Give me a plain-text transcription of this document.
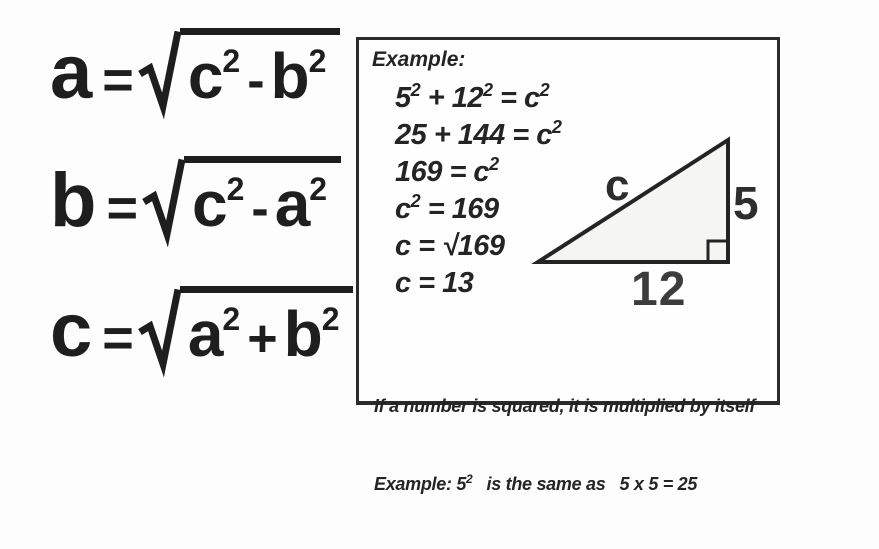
$a = c^2 - b^2$
$b = c^2 - a^2$
$c = a^2 + b^2$
Example:
$5^2 + 12^2 = c^2$
$25 + 144 = c^2$
$169 = c^2$
$c^2 = 169$
c = √169
c = 13
c 5
12

If a number is squared, it is multiplied by itself

Example: $5^2$   is the same as   5 x 5 = 25
